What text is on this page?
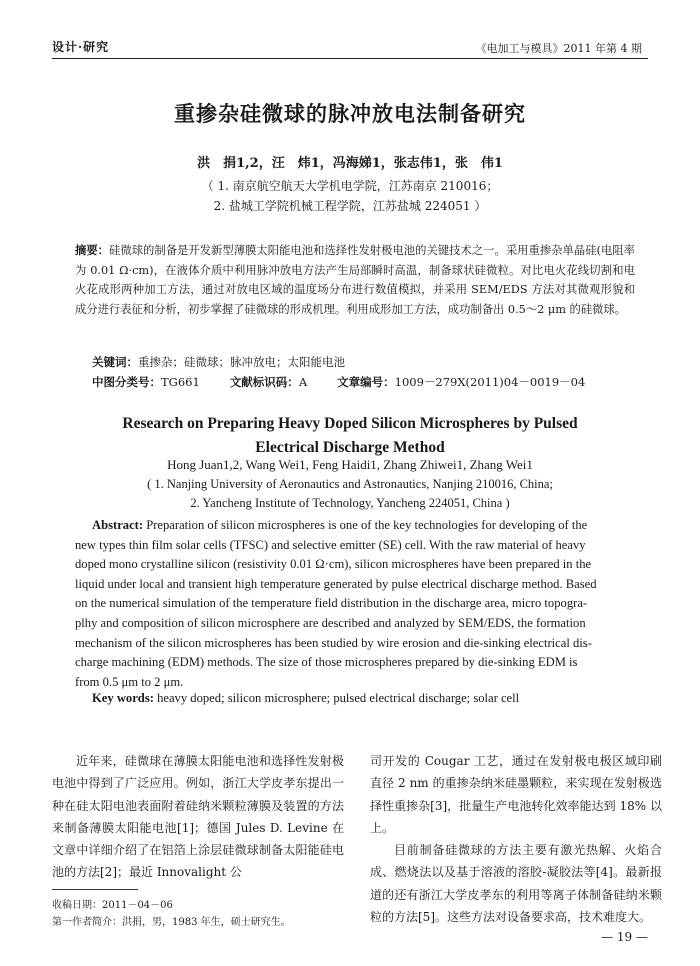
设计·研究	《电加工与模具》2011 年第 4 期
重掺杂硅微球的脉冲放电法制备研究
洪　捐1,2，汪　炜1，冯海娣1，张志伟1，张　伟1
（ 1. 南京航空航天大学机电学院，江苏南京 210016；
2. 盐城工学院机械工程学院，江苏盐城 224051 ）
摘要：硅微球的制备是开发新型薄膜太阳能电池和选择性发射极电池的关键技术之一。采用重掺杂单晶硅(电阻率为 0.01 Ω·cm)，在液体介质中利用脉冲放电方法产生局部瞬时高温，制备球状硅微粒。对比电火花线切割和电火花成形两种加工方法，通过对放电区域的温度场分布进行数值模拟，并采用 SEM/EDS 方法对其微观形貌和成分进行表征和分析，初步掌握了硅微球的形成机理。利用成形加工方法，成功制备出 0.5～2 μm 的硅微球。
关键词：重掺杂；硅微球；脉冲放电；太阳能电池
中图分类号：TG661	文献标识码：A	文章编号：1009－279X(2011)04－0019－04
Research on Preparing Heavy Doped Silicon Microspheres by Pulsed
Electrical Discharge Method
Hong Juan1,2, Wang Wei1, Feng Haidi1, Zhang Zhiwei1, Zhang Wei1
( 1. Nanjing University of Aeronautics and Astronautics, Nanjing 210016, China;
2. Yancheng Institute of Technology, Yancheng 224051, China )
Abstract: Preparation of silicon microspheres is one of the key technologies for developing of the
new types thin film solar cells (TFSC) and selective emitter (SE) cell. With the raw material of heavy
doped mono crystalline silicon (resistivity 0.01 Ω·cm), silicon microspheres have been prepared in the
liquid under local and transient high temperature generated by pulse electrical discharge method. Based
on the numerical simulation of the temperature field distribution in the discharge area, micro topogra-
plhy and composition of silicon microsphere are described and analyzed by SEM/EDS, the formation
mechanism of the silicon microspheres has been studied by wire erosion and die-sinking electrical dis-
charge machining (EDM) methods. The size of those microspheres prepared by die-sinking EDM is
from 0.5 μm to 2 μm.
Key words: heavy doped; silicon microsphere; pulsed electrical discharge; solar cell

近年来，硅微球在薄膜太阳能电池和选择性发射极电池中得到了广泛应用。例如，浙江大学皮孝东提出一种在硅太阳电池表面附着硅纳米颗粒薄膜及装置的方法来制备薄膜太阳能电池[1]；德国 Jules D. Levine 在文章中详细介绍了在铝箔上涂层硅微球制备太阳能硅电池的方法[2]；最近 Innovalight 公

司开发的 Cougar 工艺，通过在发射极电极区域印刷直径 2 nm 的重掺杂纳米硅墨颗粒，来实现在发射极选择性重掺杂[3]，批量生产电池转化效率能达到 18% 以上。

目前制备硅微球的方法主要有激光热解、火焰合成、燃烧法以及基于溶液的溶胶-凝胶法等[4]。最新报道的还有浙江大学皮孝东的利用等离子体制备硅纳米颗粒的方法[5]。这些方法对设备要求高，技术难度大。

收稿日期：2011－04－06
第一作者简介：洪捐，男，1983 年生，硕士研究生。
— 19 —
